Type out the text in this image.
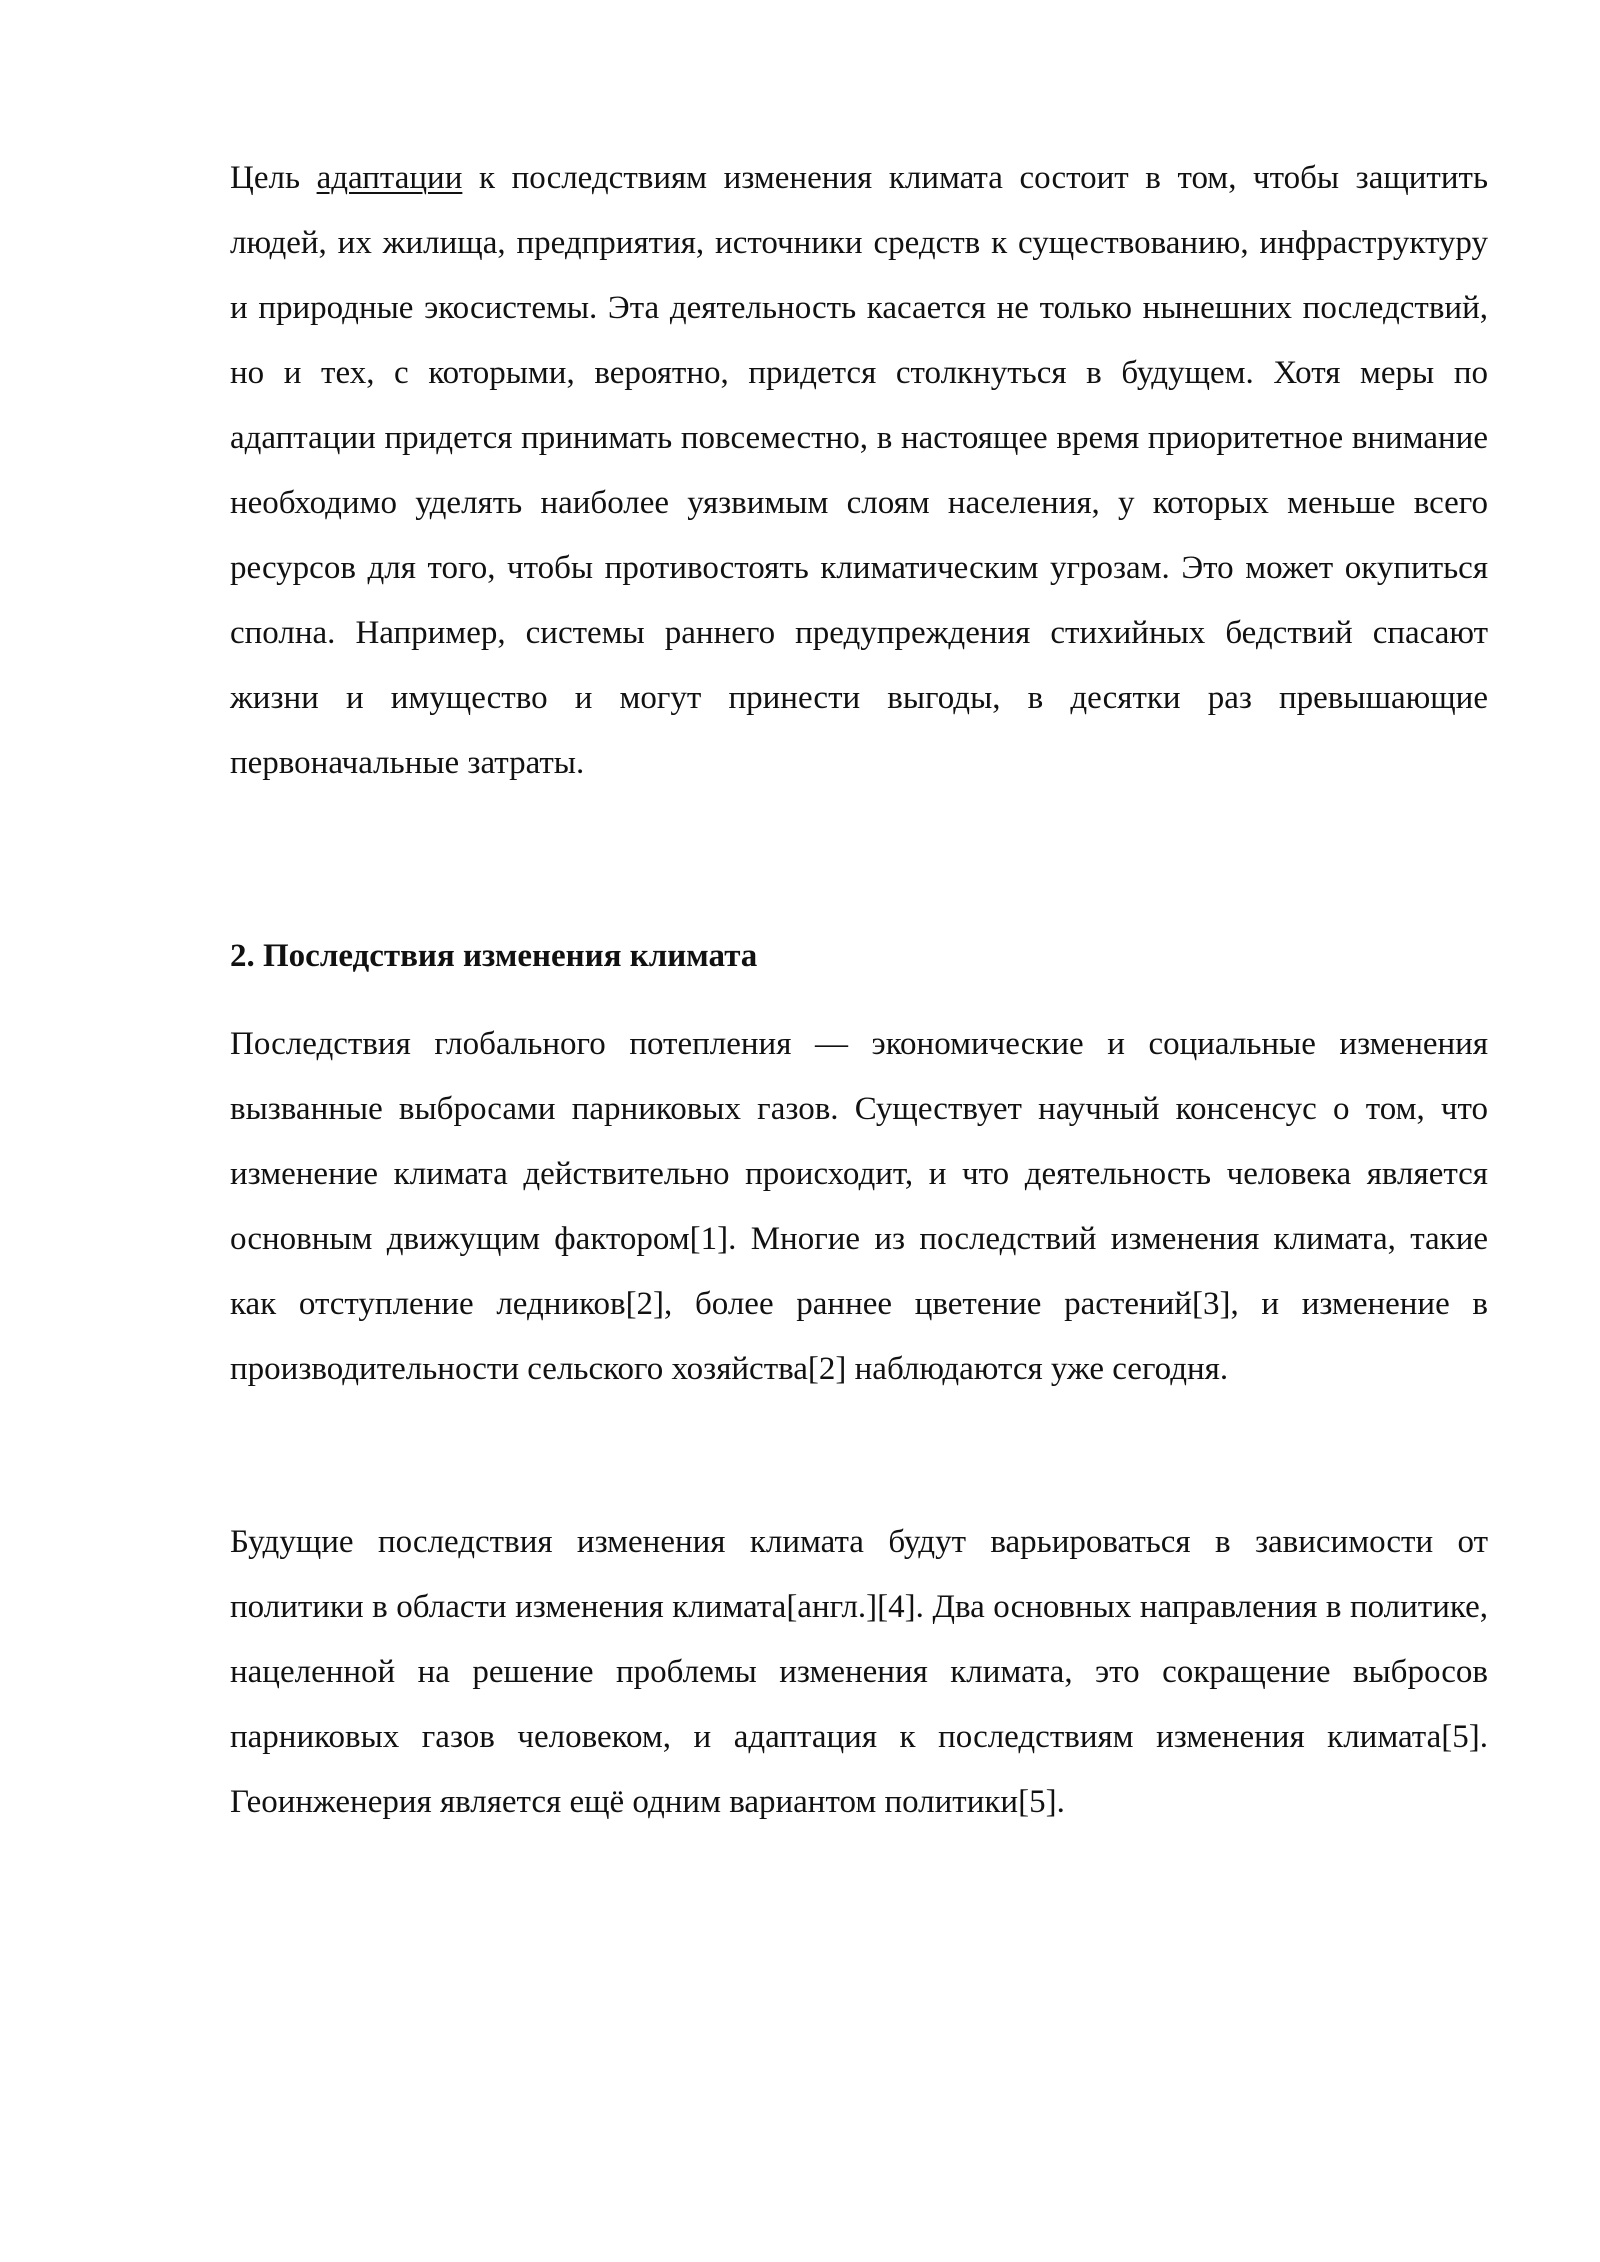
Цель адаптации к последствиям изменения климата состоит в том, чтобы защитить людей, их жилища, предприятия, источники средств к существованию, инфраструктуру и природные экосистемы. Эта деятельность касается не только нынешних последствий, но и тех, с которыми, вероятно, придется столкнуться в будущем. Хотя меры по адаптации придется принимать повсеместно, в настоящее время приоритетное внимание необходимо уделять наиболее уязвимым слоям населения, у которых меньше всего ресурсов для того, чтобы противостоять климатическим угрозам. Это может окупиться сполна. Например, системы раннего предупреждения стихийных бедствий спасают жизни и имущество и могут принести выгоды, в десятки раз превышающие первоначальные затраты.

2. Последствия изменения климата

Последствия глобального потепления — экономические и социальные изменения вызванные выбросами парниковых газов. Существует научный консенсус о том, что изменение климата действительно происходит, и что деятельность человека является основным движущим фактором[1]. Многие из последствий изменения климата, такие как отступление ледников[2], более раннее цветение растений[3], и изменение в производительности сельского хозяйства[2] наблюдаются уже сегодня.

Будущие последствия изменения климата будут варьироваться в зависимости от политики в области изменения климата[англ.][4]. Два основных направления в политике, нацеленной на решение проблемы изменения климата, это сокращение выбросов парниковых газов человеком, и адаптация к последствиям изменения климата[5]. Геоинженерия является ещё одним вариантом политики[5].
